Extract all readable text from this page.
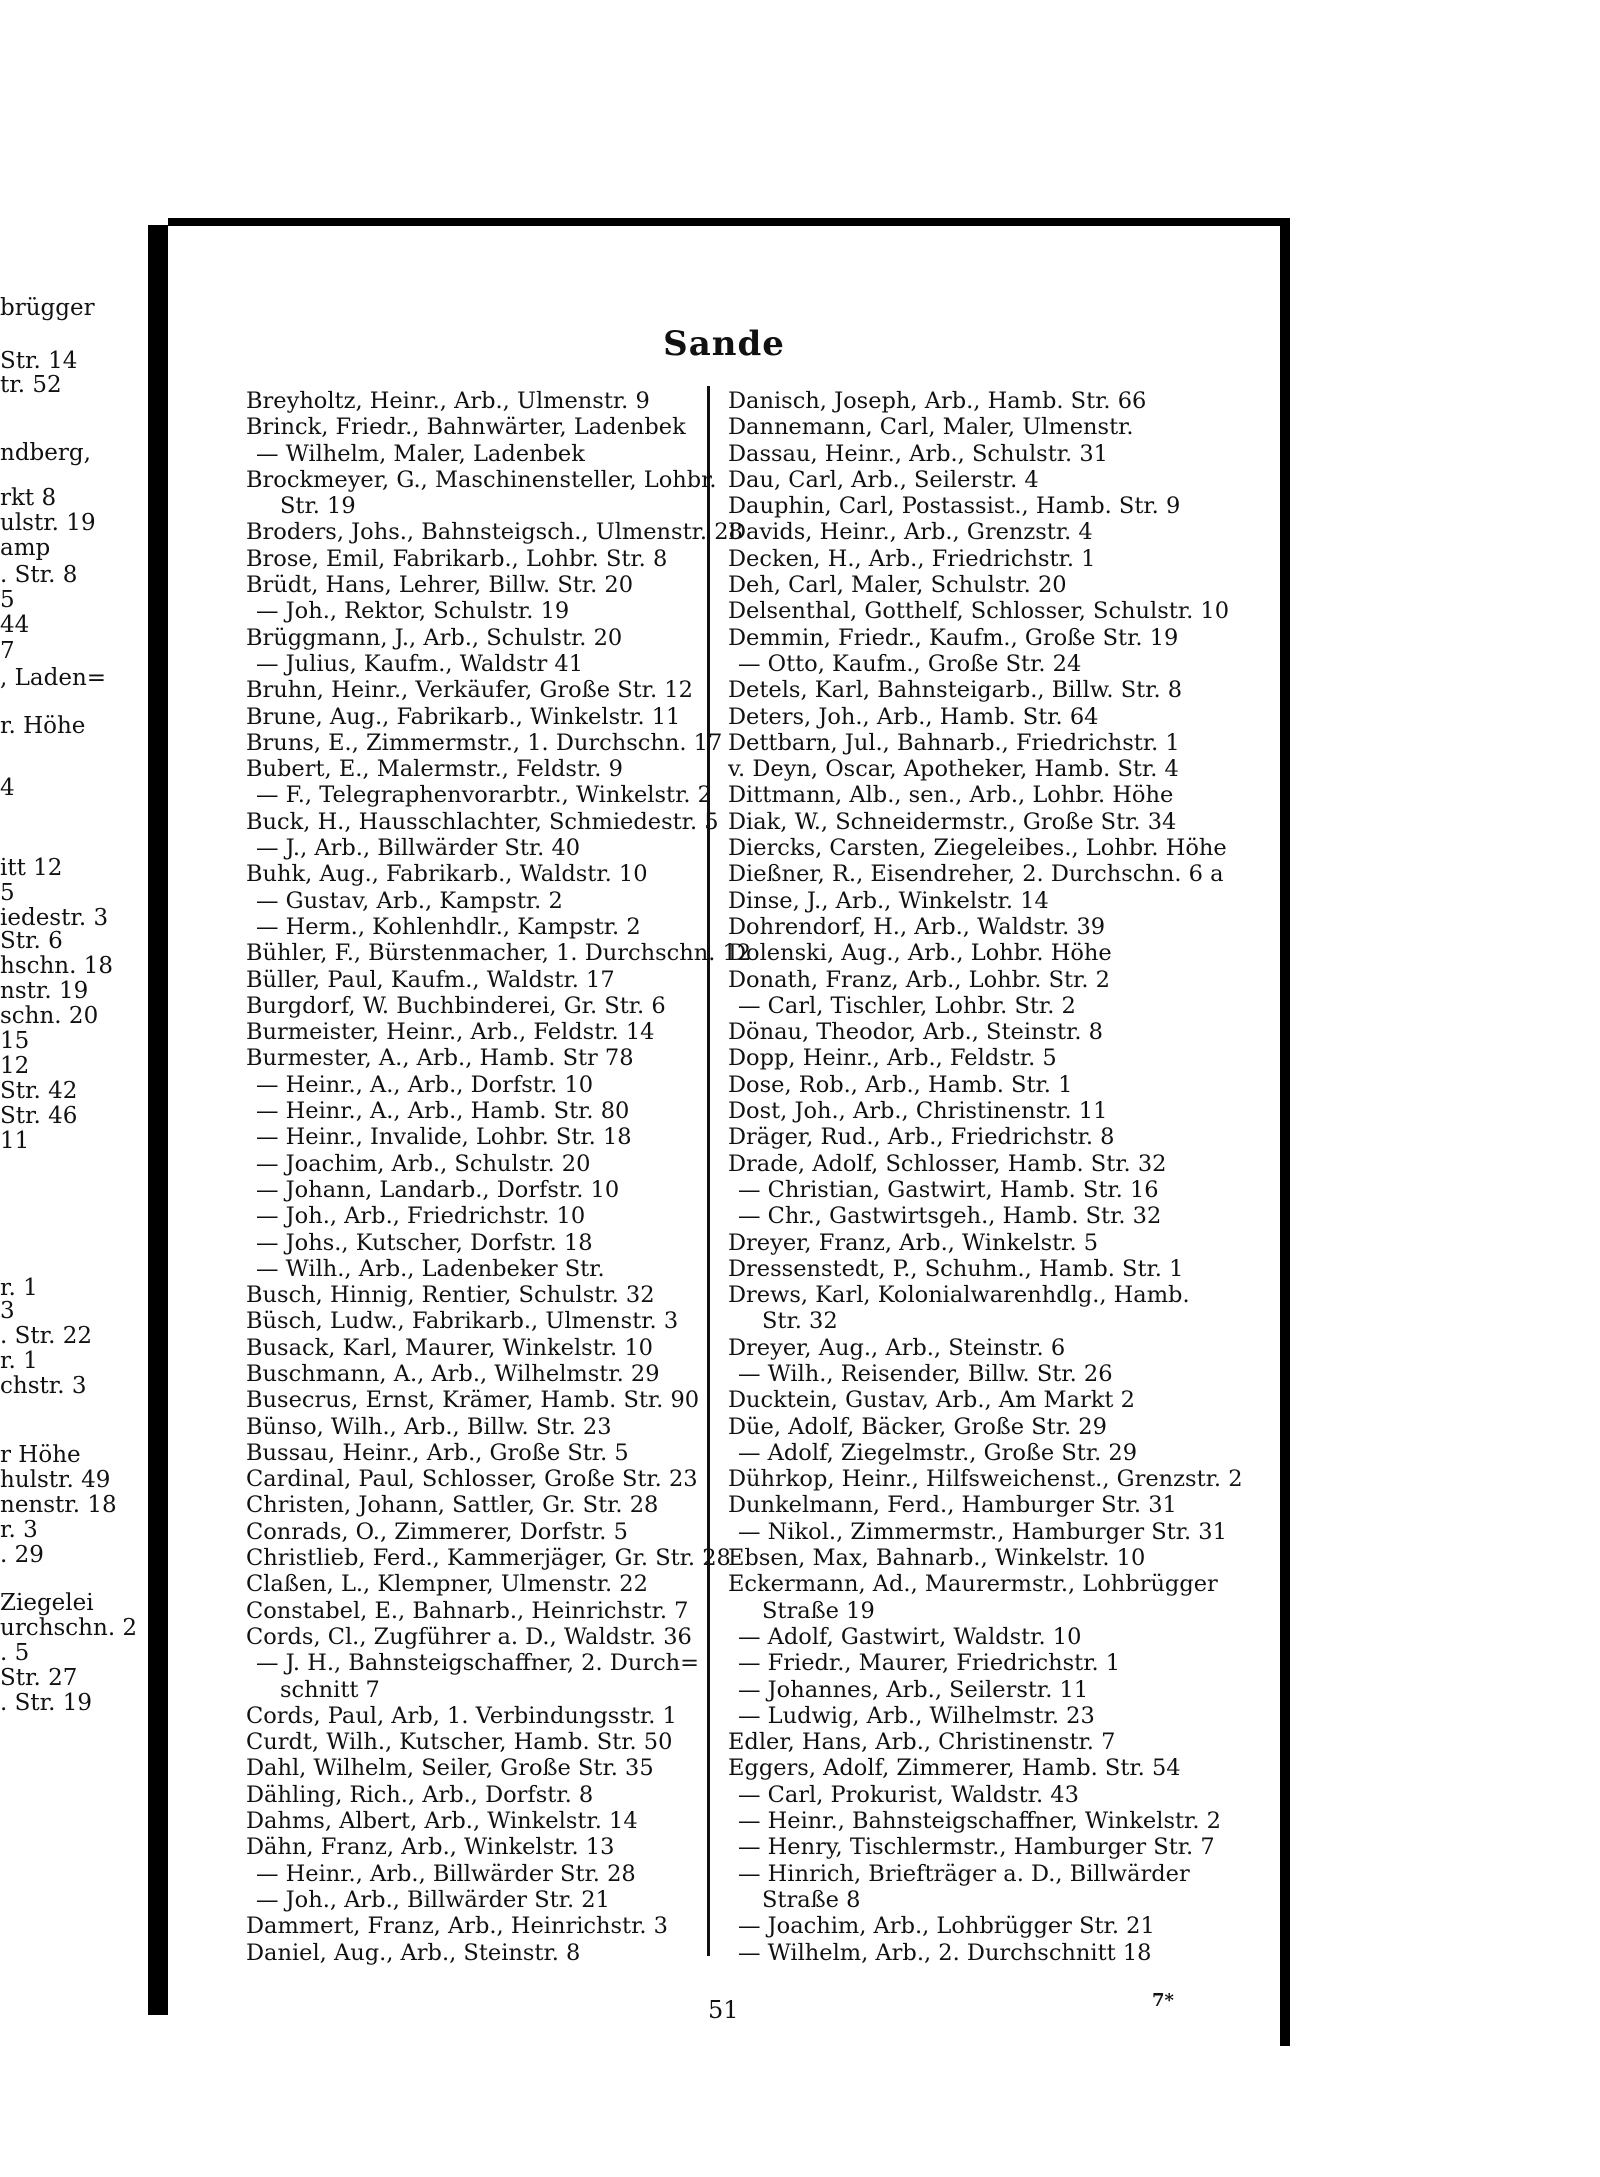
brügger
Str. 14
tr. 52
ndberg,
rkt 8
ulstr. 19
amp
. Str. 8
5
44
7
, Laden=
r. Höhe
4
itt 12
5
iedestr. 3
Str. 6
hschn. 18
nstr. 19
schn. 20
15
12
Str. 42
Str. 46
11
r. 1
3
. Str. 22
r. 1
chstr. 3
r Höhe
hulstr. 49
nenstr. 18
r. 3
. 29
Ziegelei
urchschn. 2
. 5
Str. 27
. Str. 19
Sande
Breyholtz, Heinr., Arb., Ulmenstr. 9
Brinck, Friedr., Bahnwärter, Ladenbek
— Wilhelm, Maler, Ladenbek
Brockmeyer, G., Maschinensteller, Lohbr.
Str. 19
Broders, Johs., Bahnsteigsch., Ulmenstr. 28
Brose, Emil, Fabrikarb., Lohbr. Str. 8
Brüdt, Hans, Lehrer, Billw. Str. 20
— Joh., Rektor, Schulstr. 19
Brüggmann, J., Arb., Schulstr. 20
— Julius, Kaufm., Waldstr 41
Bruhn, Heinr., Verkäufer, Große Str. 12
Brune, Aug., Fabrikarb., Winkelstr. 11
Bruns, E., Zimmermstr., 1. Durchschn. 17
Bubert, E., Malermstr., Feldstr. 9
— F., Telegraphenvorarbtr., Winkelstr. 2
Buck, H., Hausschlachter, Schmiedestr. 5
— J., Arb., Billwärder Str. 40
Buhk, Aug., Fabrikarb., Waldstr. 10
— Gustav, Arb., Kampstr. 2
— Herm., Kohlenhdlr., Kampstr. 2
Bühler, F., Bürstenmacher, 1. Durchschn. 12
Büller, Paul, Kaufm., Waldstr. 17
Burgdorf, W. Buchbinderei, Gr. Str. 6
Burmeister, Heinr., Arb., Feldstr. 14
Burmester, A., Arb., Hamb. Str 78
— Heinr., A., Arb., Dorfstr. 10
— Heinr., A., Arb., Hamb. Str. 80
— Heinr., Invalide, Lohbr. Str. 18
— Joachim, Arb., Schulstr. 20
— Johann, Landarb., Dorfstr. 10
— Joh., Arb., Friedrichstr. 10
— Johs., Kutscher, Dorfstr. 18
— Wilh., Arb., Ladenbeker Str.
Busch, Hinnig, Rentier, Schulstr. 32
Büsch, Ludw., Fabrikarb., Ulmenstr. 3
Busack, Karl, Maurer, Winkelstr. 10
Buschmann, A., Arb., Wilhelmstr. 29
Busecrus, Ernst, Krämer, Hamb. Str. 90
Bünso, Wilh., Arb., Billw. Str. 23
Bussau, Heinr., Arb., Große Str. 5
Cardinal, Paul, Schlosser, Große Str. 23
Christen, Johann, Sattler, Gr. Str. 28
Conrads, O., Zimmerer, Dorfstr. 5
Christlieb, Ferd., Kammerjäger, Gr. Str. 28
Claßen, L., Klempner, Ulmenstr. 22
Constabel, E., Bahnarb., Heinrichstr. 7
Cords, Cl., Zugführer a. D., Waldstr. 36
— J. H., Bahnsteigschaffner, 2. Durch=
schnitt 7
Cords, Paul, Arb, 1. Verbindungsstr. 1
Curdt, Wilh., Kutscher, Hamb. Str. 50
Dahl, Wilhelm, Seiler, Große Str. 35
Dähling, Rich., Arb., Dorfstr. 8
Dahms, Albert, Arb., Winkelstr. 14
Dähn, Franz, Arb., Winkelstr. 13
— Heinr., Arb., Billwärder Str. 28
— Joh., Arb., Billwärder Str. 21
Dammert, Franz, Arb., Heinrichstr. 3
Daniel, Aug., Arb., Steinstr. 8
Danisch, Joseph, Arb., Hamb. Str. 66
Dannemann, Carl, Maler, Ulmenstr.
Dassau, Heinr., Arb., Schulstr. 31
Dau, Carl, Arb., Seilerstr. 4
Dauphin, Carl, Postassist., Hamb. Str. 9
Davids, Heinr., Arb., Grenzstr. 4
Decken, H., Arb., Friedrichstr. 1
Deh, Carl, Maler, Schulstr. 20
Delsenthal, Gotthelf, Schlosser, Schulstr. 10
Demmin, Friedr., Kaufm., Große Str. 19
— Otto, Kaufm., Große Str. 24
Detels, Karl, Bahnsteigarb., Billw. Str. 8
Deters, Joh., Arb., Hamb. Str. 64
Dettbarn, Jul., Bahnarb., Friedrichstr. 1
v. Deyn, Oscar, Apotheker, Hamb. Str. 4
Dittmann, Alb., sen., Arb., Lohbr. Höhe
Diak, W., Schneidermstr., Große Str. 34
Diercks, Carsten, Ziegeleibes., Lohbr. Höhe
Dießner, R., Eisendreher, 2. Durchschn. 6 a
Dinse, J., Arb., Winkelstr. 14
Dohrendorf, H., Arb., Waldstr. 39
Dolenski, Aug., Arb., Lohbr. Höhe
Donath, Franz, Arb., Lohbr. Str. 2
— Carl, Tischler, Lohbr. Str. 2
Dönau, Theodor, Arb., Steinstr. 8
Dopp, Heinr., Arb., Feldstr. 5
Dose, Rob., Arb., Hamb. Str. 1
Dost, Joh., Arb., Christinenstr. 11
Dräger, Rud., Arb., Friedrichstr. 8
Drade, Adolf, Schlosser, Hamb. Str. 32
— Christian, Gastwirt, Hamb. Str. 16
— Chr., Gastwirtsgeh., Hamb. Str. 32
Dreyer, Franz, Arb., Winkelstr. 5
Dressenstedt, P., Schuhm., Hamb. Str. 1
Drews, Karl, Kolonialwarenhdlg., Hamb.
Str. 32
Dreyer, Aug., Arb., Steinstr. 6
— Wilh., Reisender, Billw. Str. 26
Ducktein, Gustav, Arb., Am Markt 2
Düe, Adolf, Bäcker, Große Str. 29
— Adolf, Ziegelmstr., Große Str. 29
Dührkop, Heinr., Hilfsweichenst., Grenzstr. 2
Dunkelmann, Ferd., Hamburger Str. 31
— Nikol., Zimmermstr., Hamburger Str. 31
Ebsen, Max, Bahnarb., Winkelstr. 10
Eckermann, Ad., Maurermstr., Lohbrügger
Straße 19
— Adolf, Gastwirt, Waldstr. 10
— Friedr., Maurer, Friedrichstr. 1
— Johannes, Arb., Seilerstr. 11
— Ludwig, Arb., Wilhelmstr. 23
Edler, Hans, Arb., Christinenstr. 7
Eggers, Adolf, Zimmerer, Hamb. Str. 54
— Carl, Prokurist, Waldstr. 43
— Heinr., Bahnsteigschaffner, Winkelstr. 2
— Henry, Tischlermstr., Hamburger Str. 7
— Hinrich, Briefträger a. D., Billwärder
Straße 8
— Joachim, Arb., Lohbrügger Str. 21
— Wilhelm, Arb., 2. Durchschnitt 18
51	7*
